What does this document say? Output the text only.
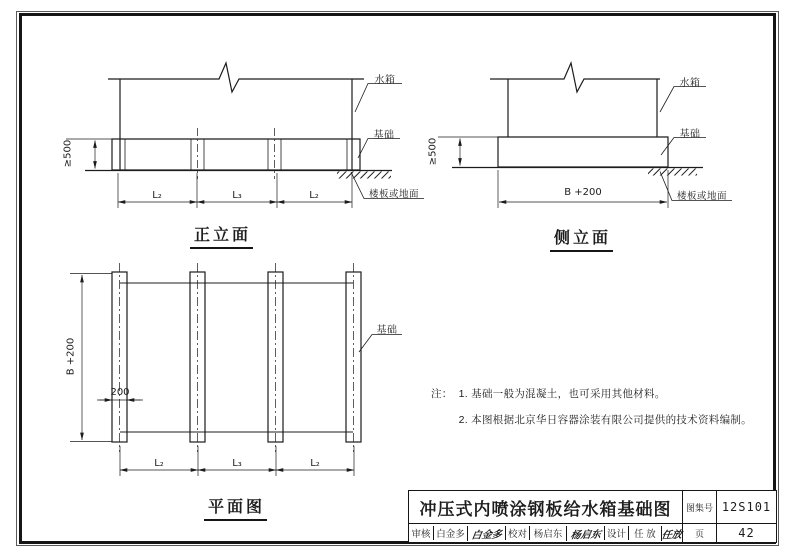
水箱
基础
楼板或地面
≥500
L₂	L₃	L₂
正立面
水箱
基础
楼板或地面
≥500
B +200
侧立面
基础
B +200
200
L₂	L₃	L₂
平面图
注： 1. 基础一般为混凝土，也可采用其他材料。
2. 本图根据北京华日容器涂装有限公司提供的技术资料编制。
冲压式内喷涂钢板给水箱基础图	图集号 12S101
审核 白金多 白金多 校对 杨启东 杨启东 设计 任 放 任放	页	42
